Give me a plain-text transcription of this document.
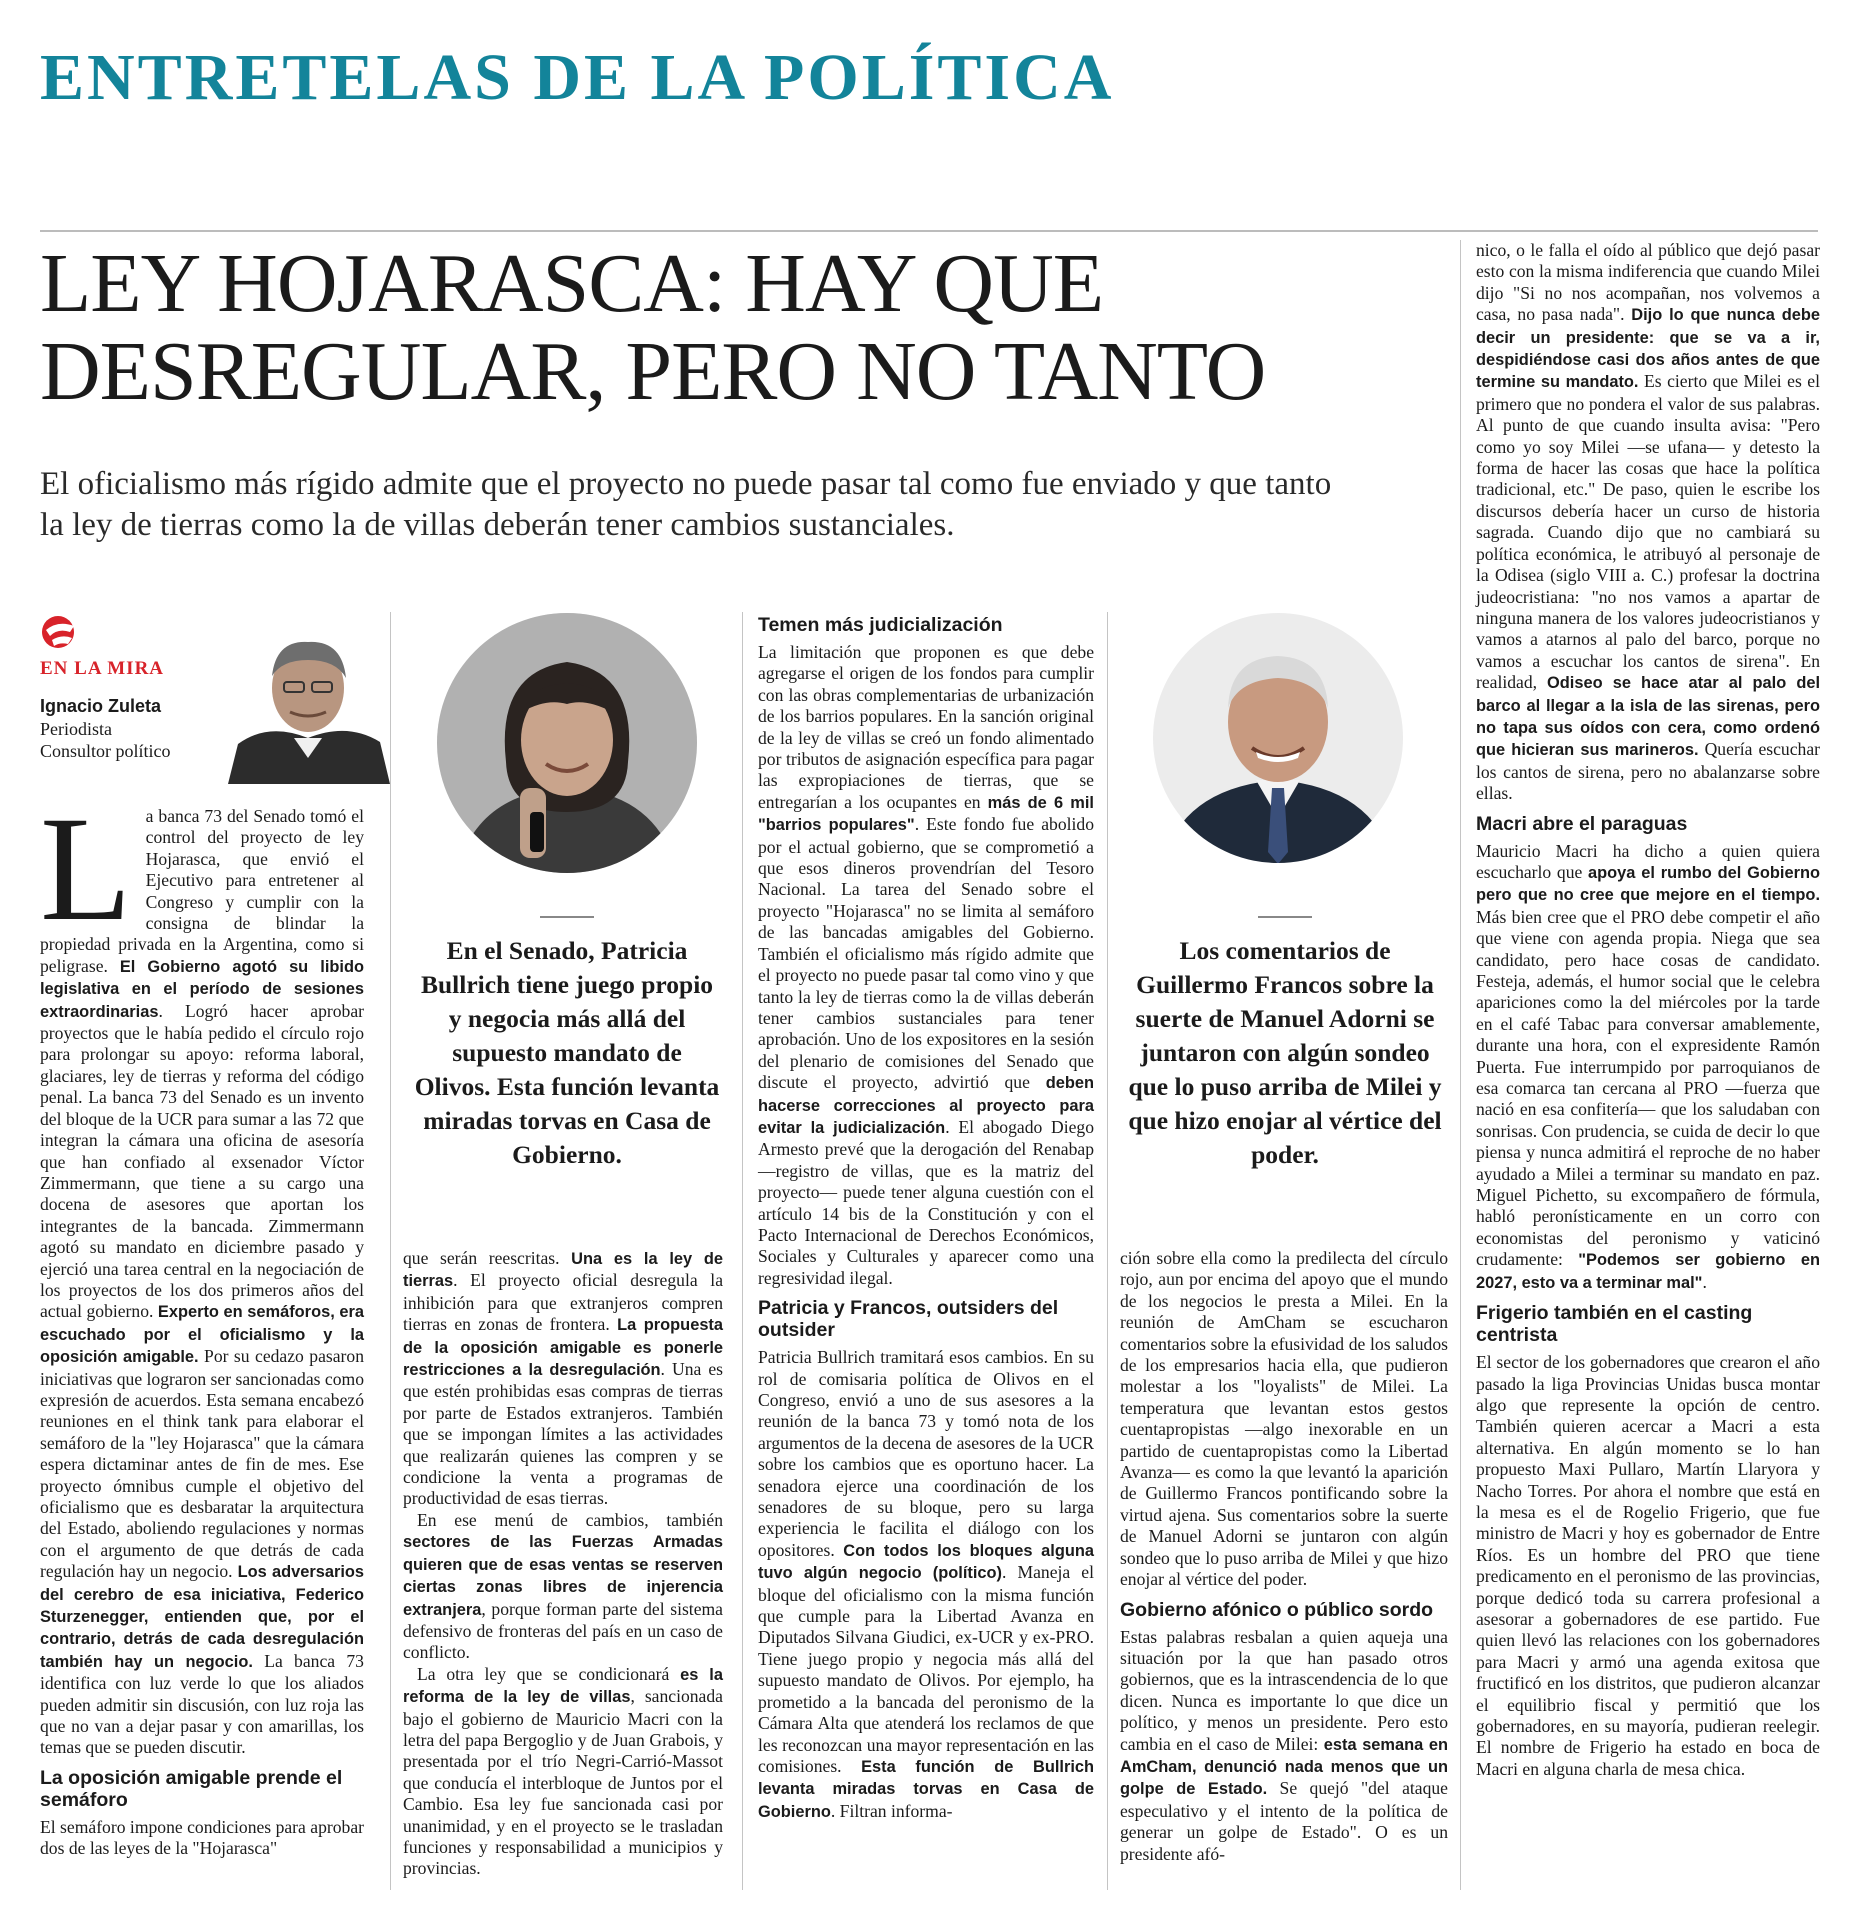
ENTRETELAS DE LA POLÍTICA
LEY HOJARASCA: HAY QUE DESREGULAR, PERO NO TANTO
El oficialismo más rígido admite que el proyecto no puede pasar tal como fue enviado y que tanto la ley de tierras como la de villas deberán tener cambios sustanciales.
EN LA MIRA
Ignacio Zuleta
Periodista
Consultor político
En el Senado, Patricia Bullrich tiene juego propio y negocia más allá del supuesto mandato de Olivos. Esta función levanta miradas torvas en Casa de Gobierno.
Los comentarios de Guillermo Francos sobre la suerte de Manuel Adorni se juntaron con algún sondeo que lo puso arriba de Milei y que hizo enojar al vértice del poder.

La banca 73 del Senado tomó el control del proyecto de ley Hojarasca, que envió el Ejecutivo para entretener al Congreso y cumplir con la consigna de blindar la propiedad privada en la Argentina, como si peligrase. El Gobierno agotó su libido legislativa en el período de sesiones extraordinarias. Logró hacer aprobar proyectos que le había pedido el círculo rojo para prolongar su apoyo: reforma laboral, glaciares, ley de tierras y reforma del código penal. La banca 73 del Senado es un invento del bloque de la UCR para sumar a las 72 que integran la cámara una oficina de asesoría que han confiado al exsenador Víctor Zimmermann, que tiene a su cargo una docena de asesores que aportan los integrantes de la bancada. Zimmermann agotó su mandato en diciembre pasado y ejerció una tarea central en la negociación de los proyectos de los dos primeros años del actual gobierno. Experto en semáforos, era escuchado por el oficialismo y la oposición amigable. Por su cedazo pasaron iniciativas que lograron ser sancionadas como expresión de acuerdos. Esta semana encabezó reuniones en el think tank para elaborar el semáforo de la "ley Hojarasca" que la cámara espera dictaminar antes de fin de mes. Ese proyecto ómnibus cumple el objetivo del oficialismo que es desbaratar la arquitectura del Estado, aboliendo regulaciones y normas con el argumento de que detrás de cada regulación hay un negocio. Los adversarios del cerebro de esa iniciativa, Federico Sturzenegger, entienden que, por el contrario, detrás de cada desregulación también hay un negocio. La banca 73 identifica con luz verde lo que los aliados pueden admitir sin discusión, con luz roja las que no van a dejar pasar y con amarillas, los temas que se pueden discutir.

La oposición amigable prende el semáforo

El semáforo impone condiciones para aprobar dos de las leyes de la "Hojarasca"

que serán reescritas. Una es la ley de tierras. El proyecto oficial desregula la inhibición para que extranjeros compren tierras en zonas de frontera. La propuesta de la oposición amigable es ponerle restricciones a la desregulación. Una es que estén prohibidas esas compras de tierras por parte de Estados extranjeros. También que se impongan límites a las actividades que realizarán quienes las compren y se condicione la venta a programas de productividad de esas tierras.

En ese menú de cambios, también sectores de las Fuerzas Armadas quieren que de esas ventas se reserven ciertas zonas libres de injerencia extranjera, porque forman parte del sistema defensivo de fronteras del país en un caso de conflicto.

La otra ley que se condicionará es la reforma de la ley de villas, sancionada bajo el gobierno de Mauricio Macri con la letra del papa Bergoglio y de Juan Grabois, y presentada por el trío Negri-Carrió-Massot que conducía el interbloque de Juntos por el Cambio. Esa ley fue sancionada casi por unanimidad, y en el proyecto se le trasladan funciones y responsabilidad a municipios y provincias.

Temen más judicialización

La limitación que proponen es que debe agregarse el origen de los fondos para cumplir con las obras complementarias de urbanización de los barrios populares. En la sanción original de la ley de villas se creó un fondo alimentado por tributos de asignación específica para pagar las expropiaciones de tierras, que se entregarían a los ocupantes en más de 6 mil "barrios populares". Este fondo fue abolido por el actual gobierno, que se comprometió a que esos dineros provendrían del Tesoro Nacional. La tarea del Senado sobre el proyecto "Hojarasca" no se limita al semáforo de las bancadas amigables del Gobierno. También el oficialismo más rígido admite que el proyecto no puede pasar tal como vino y que tanto la ley de tierras como la de villas deberán tener cambios sustanciales para tener aprobación. Uno de los expositores en la sesión del plenario de comisiones del Senado que discute el proyecto, advirtió que deben hacerse correcciones al proyecto para evitar la judicialización. El abogado Diego Armesto prevé que la derogación del Renabap —registro de villas, que es la matriz del proyecto— puede tener alguna cuestión con el artículo 14 bis de la Constitución y con el Pacto Internacional de Derechos Económicos, Sociales y Culturales y aparecer como una regresividad ilegal.

Patricia y Francos, outsiders del outsider

Patricia Bullrich tramitará esos cambios. En su rol de comisaria política de Olivos en el Congreso, envió a uno de sus asesores a la reunión de la banca 73 y tomó nota de los argumentos de la decena de asesores de la UCR sobre los cambios que es oportuno hacer. La senadora ejerce una coordinación de los senadores de su bloque, pero su larga experiencia le facilita el diálogo con los opositores. Con todos los bloques alguna tuvo algún negocio (político). Maneja el bloque del oficialismo con la misma función que cumple para la Libertad Avanza en Diputados Silvana Giudici, ex-UCR y ex-PRO. Tiene juego propio y negocia más allá del supuesto mandato de Olivos. Por ejemplo, ha prometido a la bancada del peronismo de la Cámara Alta que atenderá los reclamos de que les reconozcan una mayor representación en las comisiones. Esta función de Bullrich levanta miradas torvas en Casa de Gobierno. Filtran informa-

ción sobre ella como la predilecta del círculo rojo, aun por encima del apoyo que el mundo de los negocios le presta a Milei. En la reunión de AmCham se escucharon comentarios sobre la efusividad de los saludos de los empresarios hacia ella, que pudieron molestar a los "loyalists" de Milei. La temperatura que levantan estos gestos cuentapropistas —algo inexorable en un partido de cuentapropistas como la Libertad Avanza— es como la que levantó la aparición de Guillermo Francos pontificando sobre la virtud ajena. Sus comentarios sobre la suerte de Manuel Adorni se juntaron con algún sondeo que lo puso arriba de Milei y que hizo enojar al vértice del poder.

Gobierno afónico o público sordo

Estas palabras resbalan a quien aqueja una situación por la que han pasado otros gobiernos, que es la intrascendencia de lo que dicen. Nunca es importante lo que dice un político, y menos un presidente. Pero esto cambia en el caso de Milei: esta semana en AmCham, denunció nada menos que un golpe de Estado. Se quejó "del ataque especulativo y el intento de la política de generar un golpe de Estado". O es un presidente afó-

nico, o le falla el oído al público que dejó pasar esto con la misma indiferencia que cuando Milei dijo "Si no nos acompañan, nos volvemos a casa, no pasa nada". Dijo lo que nunca debe decir un presidente: que se va a ir, despidiéndose casi dos años antes de que termine su mandato. Es cierto que Milei es el primero que no pondera el valor de sus palabras. Al punto de que cuando insulta avisa: "Pero como yo soy Milei —se ufana— y detesto la forma de hacer las cosas que hace la política tradicional, etc." De paso, quien le escribe los discursos debería hacer un curso de historia sagrada. Cuando dijo que no cambiará su política económica, le atribuyó al personaje de la Odisea (siglo VIII a. C.) profesar la doctrina judeocristiana: "no nos vamos a apartar de ninguna manera de los valores judeocristianos y vamos a atarnos al palo del barco, porque no vamos a escuchar los cantos de sirena". En realidad, Odiseo se hace atar al palo del barco al llegar a la isla de las sirenas, pero no tapa sus oídos con cera, como ordenó que hicieran sus marineros. Quería escuchar los cantos de sirena, pero no abalanzarse sobre ellas.

Macri abre el paraguas

Mauricio Macri ha dicho a quien quiera escucharlo que apoya el rumbo del Gobierno pero que no cree que mejore en el tiempo. Más bien cree que el PRO debe competir el año que viene con agenda propia. Niega que sea candidato, pero hace cosas de candidato. Festeja, además, el humor social que le celebra apariciones como la del miércoles por la tarde en el café Tabac para conversar amablemente, durante una hora, con el expresidente Ramón Puerta. Fue interrumpido por parroquianos de esa comarca tan cercana al PRO —fuerza que nació en esa confitería— que los saludaban con sonrisas. Con prudencia, se cuida de decir lo que piensa y nunca admitirá el reproche de no haber ayudado a Milei a terminar su mandato en paz. Miguel Pichetto, su excompañero de fórmula, habló peronísticamente en un corro con economistas del peronismo y vaticinó crudamente: "Podemos ser gobierno en 2027, esto va a terminar mal".

Frigerio también en el casting centrista

El sector de los gobernadores que crearon el año pasado la liga Provincias Unidas busca montar algo que represente la opción de centro. También quieren acercar a Macri a esta alternativa. En algún momento se lo han propuesto Maxi Pullaro, Martín Llaryora y Nacho Torres. Por ahora el nombre que está en la mesa es el de Rogelio Frigerio, que fue ministro de Macri y hoy es gobernador de Entre Ríos. Es un hombre del PRO que tiene predicamento en el peronismo de las provincias, porque dedicó toda su carrera profesional a asesorar a gobernadores de ese partido. Fue quien llevó las relaciones con los gobernadores para Macri y armó una agenda exitosa que fructificó en los distritos, que pudieron alcanzar el equilibrio fiscal y permitió que los gobernadores, en su mayoría, pudieran reelegir. El nombre de Frigerio ha estado en boca de Macri en alguna charla de mesa chica.
